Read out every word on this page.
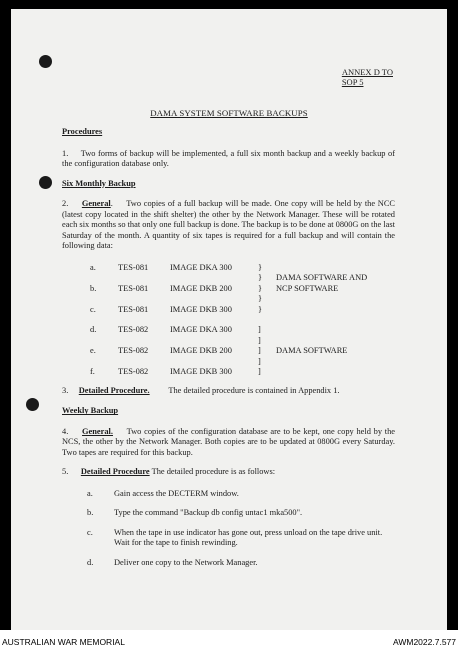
ANNEX D TO
SOP 5
DAMA SYSTEM SOFTWARE BACKUPS
Procedures
1. Two forms of backup will be implemented, a full six month backup and a weekly backup of the configuration database only.
Six Monthly Backup
2. General. Two copies of a full backup will be made. One copy will be held by the NCC (latest copy located in the shift shelter) the other by the Network Manager. These will be rotated each six months so that only one full backup is done. The backup is to be done at 0800G on the last Saturday of the month. A quantity of six tapes is required for a full backup and will contain the following data:
a.	TES-081	IMAGE DKA 300	}	
			}	DAMA SOFTWARE AND
b.	TES-081	IMAGE DKB 200	}	NCP SOFTWARE
			}	
c.	TES-081	IMAGE DKB 300	}	

d.	TES-082	IMAGE DKA 300	]	
			]	
e.	TES-082	IMAGE DKB 200	]	DAMA SOFTWARE
			]	
f.	TES-082	IMAGE DKB 300	]	
3. Detailed Procedure. The detailed procedure is contained in Appendix 1.
Weekly Backup
4. General. Two copies of the configuration database are to be kept, one copy held by the NCS, the other by the Network Manager. Both copies are to be updated at 0800G every Saturday. Two tapes are required for this backup.
5. Detailed Procedure The detailed procedure is as follows:
a.	Gain access the DECTERM window.
b.	Type the command "Backup db config untac1 mka500".
c.	When the tape in use indicator has gone out, press unload on the tape drive unit. Wait for the tape to finish rewinding.
d.	Deliver one copy to the Network Manager.
AUSTRALIAN WAR MEMORIAL	AWM2022.7.577
